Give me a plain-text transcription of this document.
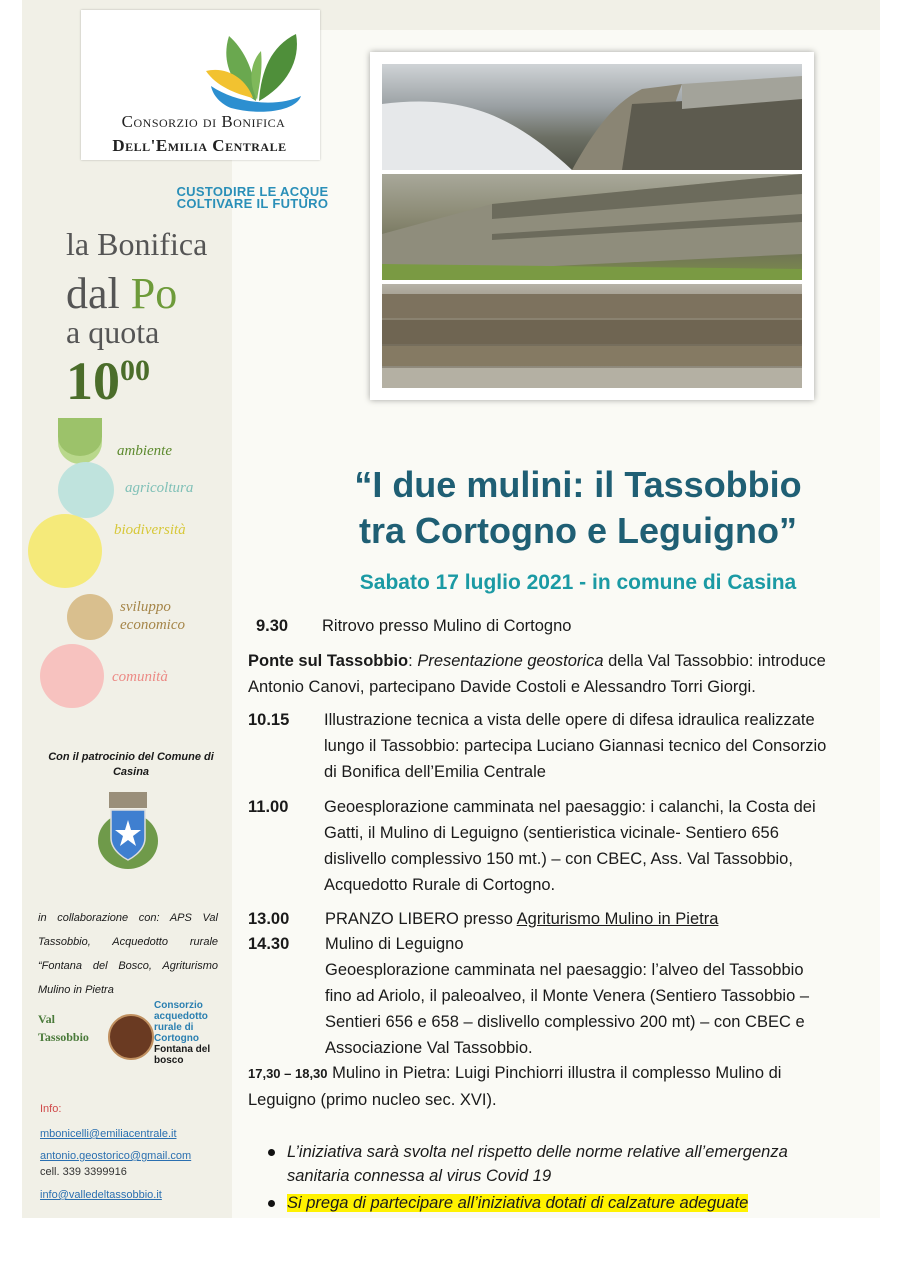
Consorzio di Bonifica
Dell'Emilia Centrale
CUSTODIRE LE ACQUE
COLTIVARE IL FUTURO
la Bonifica
dal Po
a quota
$10^{00}$
ambiente
agricoltura
biodiversità
sviluppo economico
comunità
Con il patrocinio del Comune di Casina
in collaborazione con: APS Val Tassobbio, Acquedotto rurale “Fontana del Bosco, Agriturismo Mulino in Pietra
Val Tassobbio
Consorzio acquedotto rurale di Cortogno
Fontana del bosco
Info:
mbonicelli@emiliacentrale.it
antonio.geostorico@gmail.com
cell. 339 3399916
info@valledeltassobbio.it
“I due mulini: il Tassobbio
tra Cortogno e Leguigno”
Sabato 17 luglio 2021 - in comune di Casina
9.30 Ritrovo presso Mulino di Cortogno
Ponte sul Tassobbio: Presentazione geostorica della Val Tassobbio: introduce
Antonio Canovi, partecipano Davide Costoli e Alessandro Torri Giorgi.
10.15 Illustrazione tecnica a vista delle opere di difesa idraulica realizzate
lungo il Tassobbio: partecipa Luciano Giannasi tecnico del Consorzio
di Bonifica dell’Emilia Centrale
11.00 Geoesplorazione camminata nel paesaggio: i calanchi, la Costa dei
Gatti, il Mulino di Leguigno (sentieristica vicinale- Sentiero 656
dislivello complessivo 150 mt.) – con CBEC, Ass. Val Tassobbio,
Acquedotto Rurale di Cortogno.
13.00 PRANZO LIBERO presso Agriturismo Mulino in Pietra
14.30 Mulino di Leguigno
Geoesplorazione camminata nel paesaggio: l’alveo del Tassobbio
fino ad Ariolo, il paleoalveo, il Monte Venera (Sentiero Tassobbio –
Sentieri 656 e 658 – dislivello complessivo 200 mt) – con CBEC e
Associazione Val Tassobbio.
17,30 – 18,30 Mulino in Pietra: Luigi Pinchiorri illustra il complesso Mulino di
Leguigno (primo nucleo sec. XVI).
L’iniziativa sarà svolta nel rispetto delle norme relative all’emergenza
sanitaria connessa al virus Covid 19
Si prega di partecipare all’iniziativa dotati di calzature adeguate
